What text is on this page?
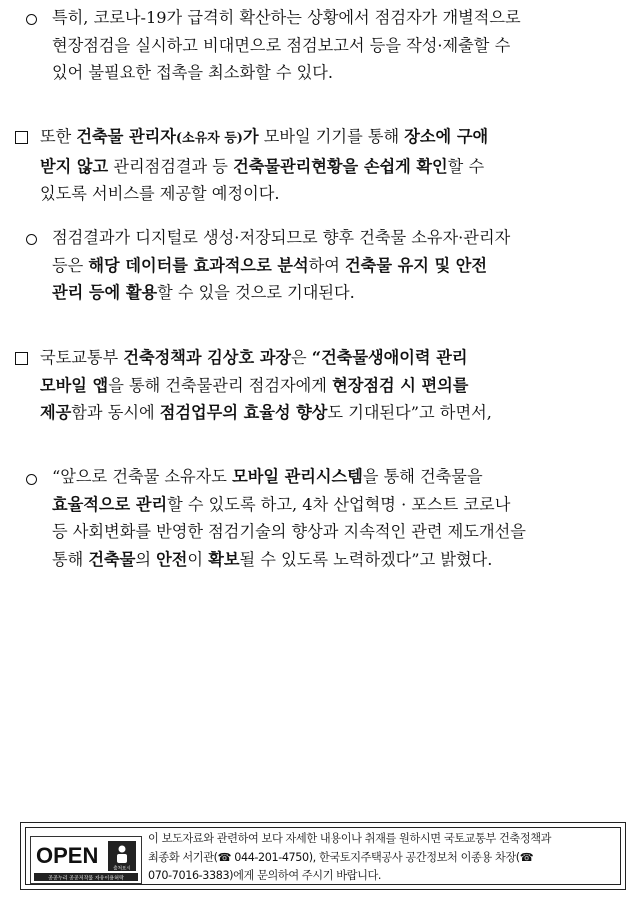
특히, 코로나-19가 급격히 확산하는 상황에서 점검자가 개별적으로
현장점검을 실시하고 비대면으로 점검보고서 등을 작성·제출할 수
있어 불필요한 접촉을 최소화할 수 있다.
또한 건축물 관리자(소유자 등)가 모바일 기기를 통해 장소에 구애
받지 않고 관리점검결과 등 건축물관리현황을 손쉽게 확인할 수
있도록 서비스를 제공할 예정이다.
점검결과가 디지털로 생성·저장되므로 향후 건축물 소유자·관리자
등은 해당 데이터를 효과적으로 분석하여 건축물 유지 및 안전
관리 등에 활용할 수 있을 것으로 기대된다.
국토교통부 건축정책과 김상호 과장은 “건축물생애이력 관리
모바일 앱을 통해 건축물관리 점검자에게 현장점검 시 편의를
제공함과 동시에 점검업무의 효율성 향상도 기대된다”고 하면서,
“앞으로 건축물 소유자도 모바일 관리시스템을 통해 건축물을
효율적으로 관리할 수 있도록 하고, 4차 산업혁명 · 포스트 코로나
등 사회변화를 반영한 점검기술의 향상과 지속적인 관련 제도개선을
통해 건축물의 안전이 확보될 수 있도록 노력하겠다”고 밝혔다.
OPEN
출처표시
공공누리 공공저작물 자유이용허락
이 보도자료와 관련하여 보다 자세한 내용이나 취재를 원하시면 국토교통부 건축정책과
최종화 서기관(☎ 044-201-4750), 한국토지주택공사 공간정보처 이종용 차장(☎
070-7016-3383)에게 문의하여 주시기 바랍니다.
